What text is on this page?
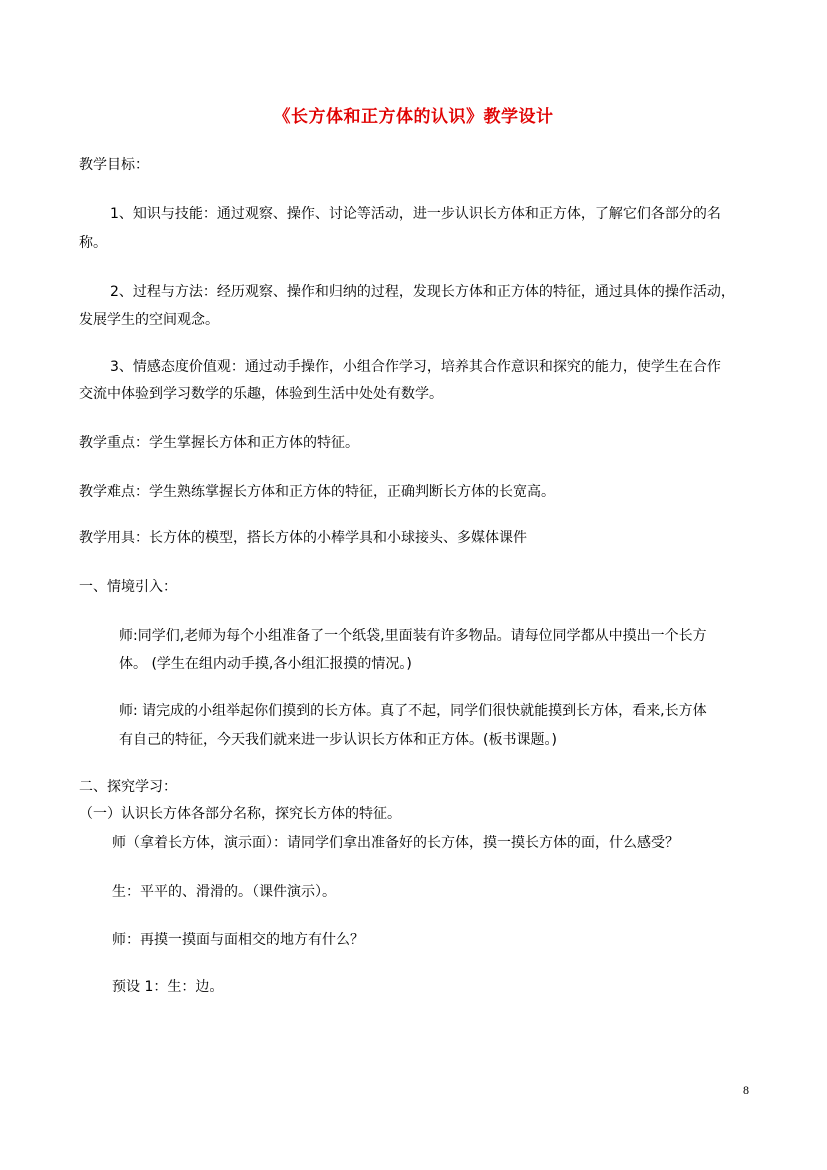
《长方体和正方体的认识》教学设计
教学目标：
1、知识与技能：通过观察、操作、讨论等活动，进一步认识长方体和正方体，了解它们各部分的名
称。
2、过程与方法：经历观察、操作和归纳的过程，发现长方体和正方体的特征，通过具体的操作活动，
发展学生的空间观念。
3、情感态度价值观：通过动手操作，小组合作学习，培养其合作意识和探究的能力，使学生在合作
交流中体验到学习数学的乐趣，体验到生活中处处有数学。
教学重点：学生掌握长方体和正方体的特征。
教学难点：学生熟练掌握长方体和正方体的特征，正确判断长方体的长宽高。
教学用具：长方体的模型，搭长方体的小棒学具和小球接头、多媒体课件
一、情境引入：
师:同学们,老师为每个小组准备了一个纸袋,里面装有许多物品。请每位同学都从中摸出一个长方
体。 (学生在组内动手摸,各小组汇报摸的情况。)
师: 请完成的小组举起你们摸到的长方体。真了不起，同学们很快就能摸到长方体，看来,长方体
有自己的特征，今天我们就来进一步认识长方体和正方体。(板书课题。)
二、探究学习：
（一）认识长方体各部分名称，探究长方体的特征。
师（拿着长方体，演示面）：请同学们拿出准备好的长方体，摸一摸长方体的面，什么感受？
生：平平的、滑滑的。（课件演示）。
师：再摸一摸面与面相交的地方有什么？
预设 1：生：边。
8
